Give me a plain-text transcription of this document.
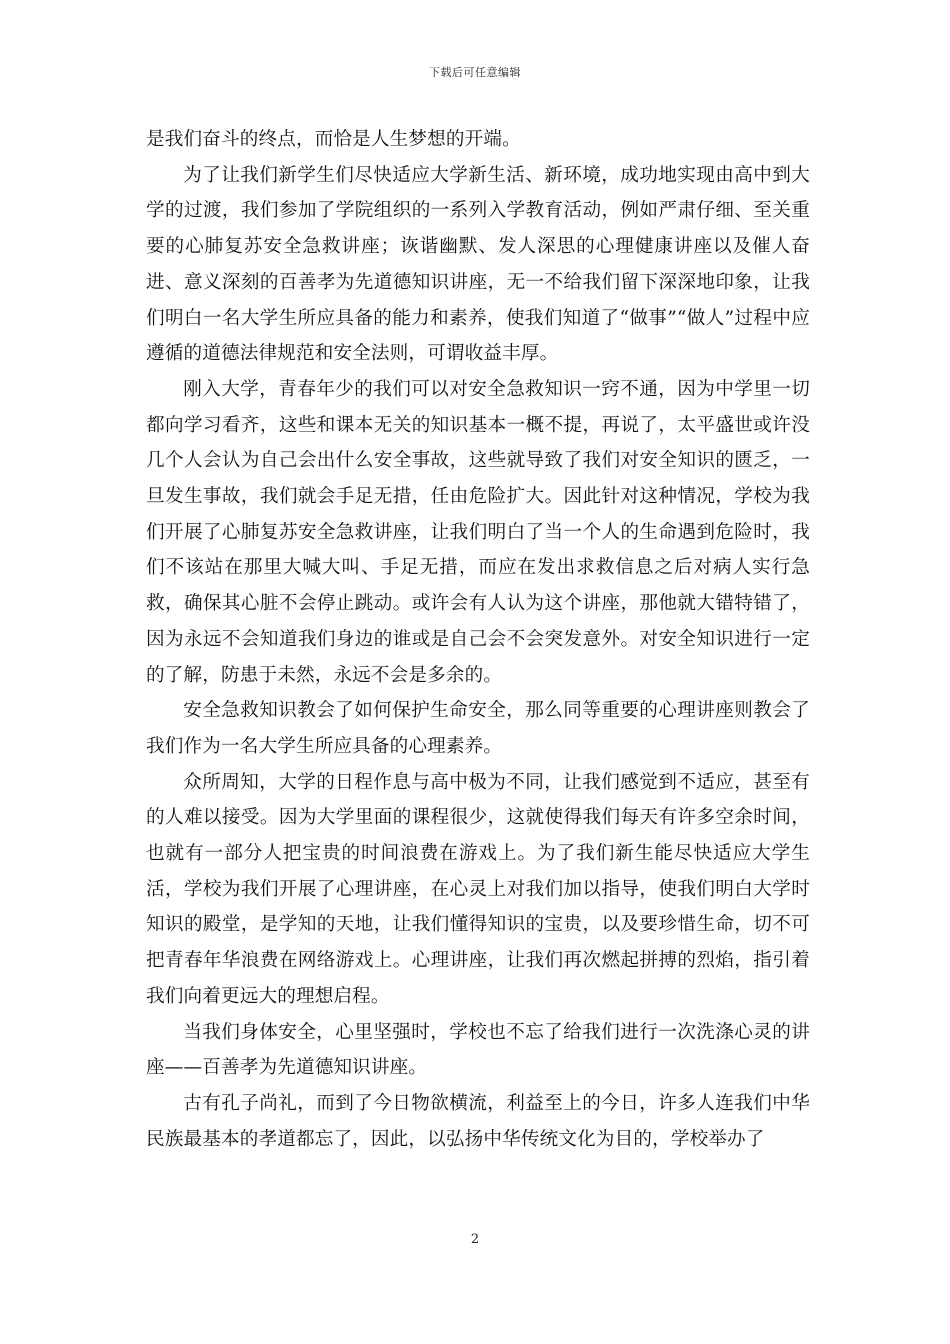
下载后可任意编辑

是我们奋斗的终点，而恰是人生梦想的开端。

为了让我们新学生们尽快适应大学新生活、新环境，成功地实现由高中到大学的过渡，我们参加了学院组织的一系列入学教育活动，例如严肃仔细、至关重要的心肺复苏安全急救讲座；诙谐幽默、发人深思的心理健康讲座以及催人奋进、意义深刻的百善孝为先道德知识讲座，无一不给我们留下深深地印象，让我们明白一名大学生所应具备的能力和素养，使我们知道了“做事”“做人”过程中应遵循的道德法律规范和安全法则，可谓收益丰厚。

刚入大学，青春年少的我们可以对安全急救知识一窍不通，因为中学里一切都向学习看齐，这些和课本无关的知识基本一概不提，再说了，太平盛世或许没几个人会认为自己会出什么安全事故，这些就导致了我们对安全知识的匮乏，一旦发生事故，我们就会手足无措，任由危险扩大。因此针对这种情况，学校为我们开展了心肺复苏安全急救讲座，让我们明白了当一个人的生命遇到危险时，我们不该站在那里大喊大叫、手足无措，而应在发出求救信息之后对病人实行急救，确保其心脏不会停止跳动。或许会有人认为这个讲座，那他就大错特错了，因为永远不会知道我们身边的谁或是自己会不会突发意外。对安全知识进行一定的了解，防患于未然，永远不会是多余的。

安全急救知识教会了如何保护生命安全，那么同等重要的心理讲座则教会了我们作为一名大学生所应具备的心理素养。

众所周知，大学的日程作息与高中极为不同，让我们感觉到不适应，甚至有的人难以接受。因为大学里面的课程很少，这就使得我们每天有许多空余时间，也就有一部分人把宝贵的时间浪费在游戏上。为了我们新生能尽快适应大学生活，学校为我们开展了心理讲座，在心灵上对我们加以指导，使我们明白大学时知识的殿堂，是学知的天地，让我们懂得知识的宝贵，以及要珍惜生命，切不可把青春年华浪费在网络游戏上。心理讲座，让我们再次燃起拼搏的烈焰，指引着我们向着更远大的理想启程。

当我们身体安全，心里坚强时，学校也不忘了给我们进行一次洗涤心灵的讲座——百善孝为先道德知识讲座。

古有孔子尚礼，而到了今日物欲横流，利益至上的今日，许多人连我们中华民族最基本的孝道都忘了，因此，以弘扬中华传统文化为目的，学校举办了

2
